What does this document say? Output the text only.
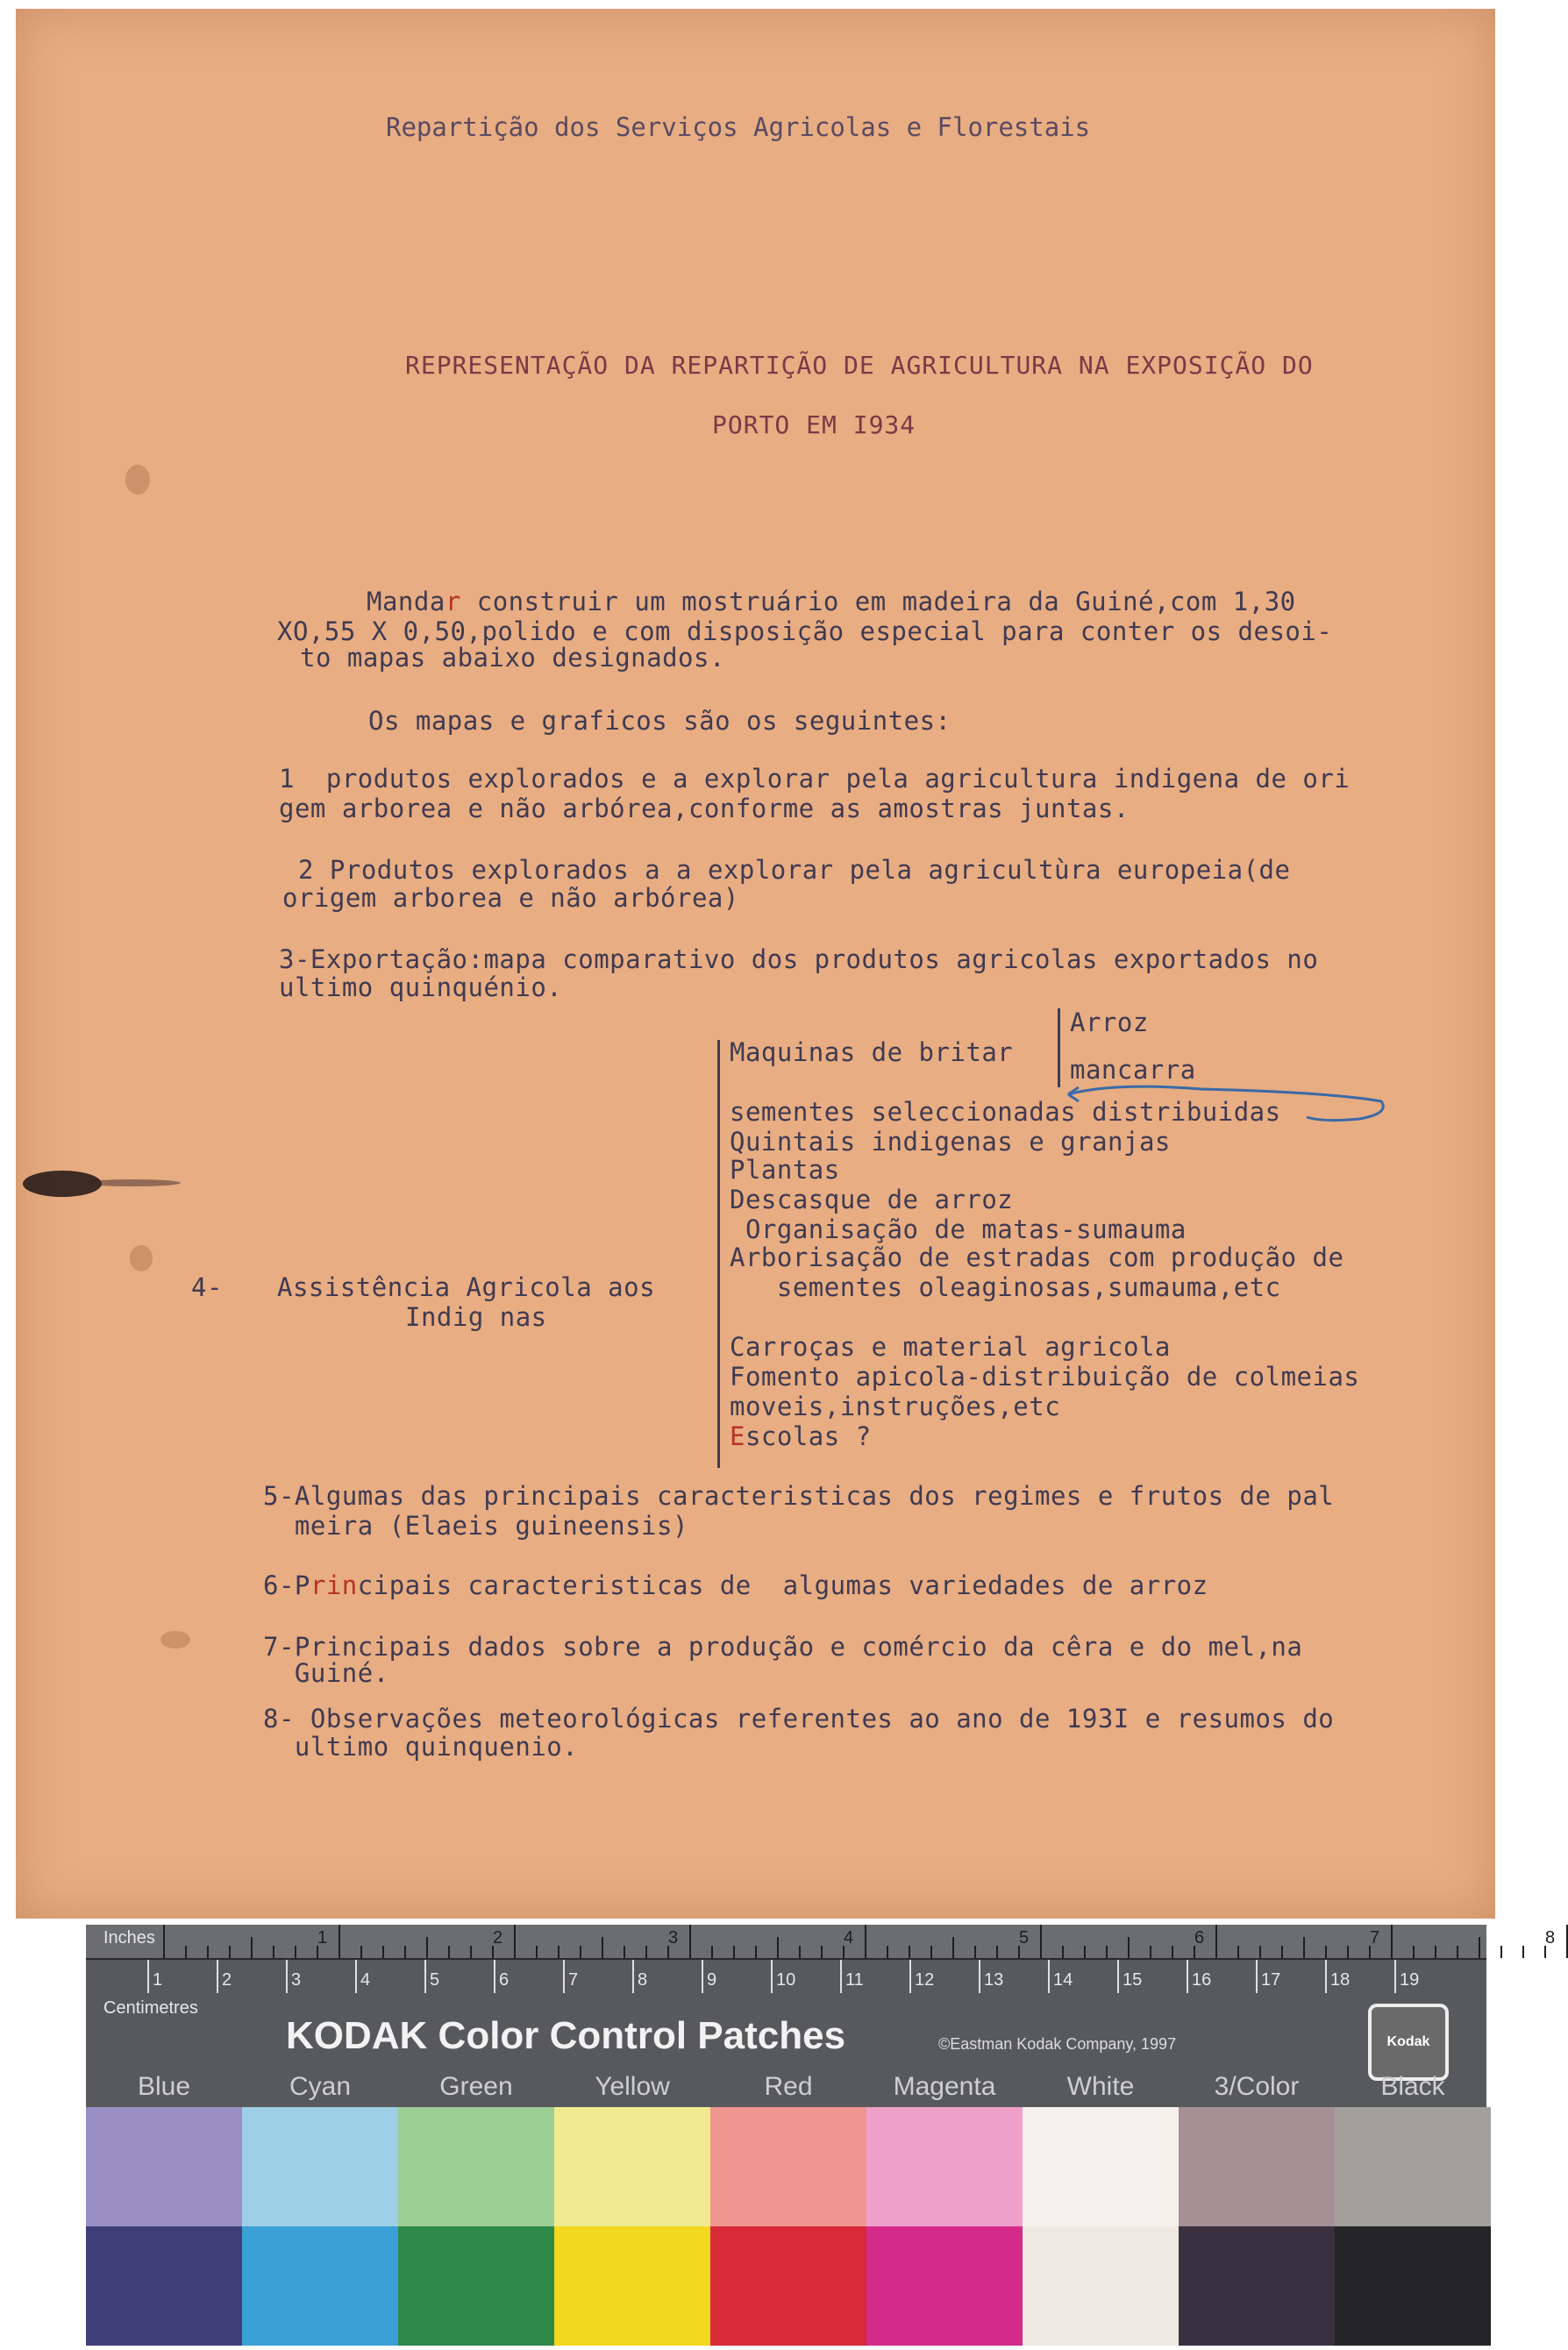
Repartição dos Serviços Agricolas e Florestais
REPRESENTAÇÃO DA REPARTIÇÃO DE AGRICULTURA NA EXPOSIÇÃO DO
PORTO EM I934
Mandar construir um mostruário em madeira da Guiné,com 1,30
XO,55 X 0,50,polido e com disposição especial para conter os desoi-
to mapas abaixo designados.
Os mapas e graficos são os seguintes:
1  produtos explorados e a explorar pela agricultura indigena de ori
gem arborea e não arbórea,conforme as amostras juntas.
2 Produtos explorados a a explorar pela agricultùra europeia(de
origem arborea e não arbórea)
3-Exportação:mapa comparativo dos produtos agricolas exportados no
ultimo quinquénio.
4- Assistência Agricola aos
Indig nas
Maquinas de britar
Arroz
mancarra
sementes seleccionadas distribuidas
Quintais indigenas e granjas
Plantas
Descasque de arroz
Organisação de matas-sumauma
Arborisação de estradas com produção de
sementes oleaginosas,sumauma,etc
Carroças e material agricola
Fomento apicola-distribuição de colmeias
moveis,instruções,etc
Escolas ?
5-Algumas das principais caracteristicas dos regimes e frutos de pal
meira (Elaeis guineensis)
6-Principais caracteristicas de  algumas variedades de arroz
7-Principais dados sobre a produção e comércio da cêra e do mel,na
Guiné.
8- Observações meteorológicas referentes ao ano de 193I e resumos do
ultimo quinquenio.
Inches	1	2	3	4	5	6	7	8
1	2	3	4	5	6	7	8	9	10	11	12	13	14	15	16	17	18	19
Centimetres
KODAK Color Control Patches	©Eastman Kodak Company, 1997	Kodak
Blue	Cyan	Green	Yellow	Red	Magenta	White	3/Color	Black
